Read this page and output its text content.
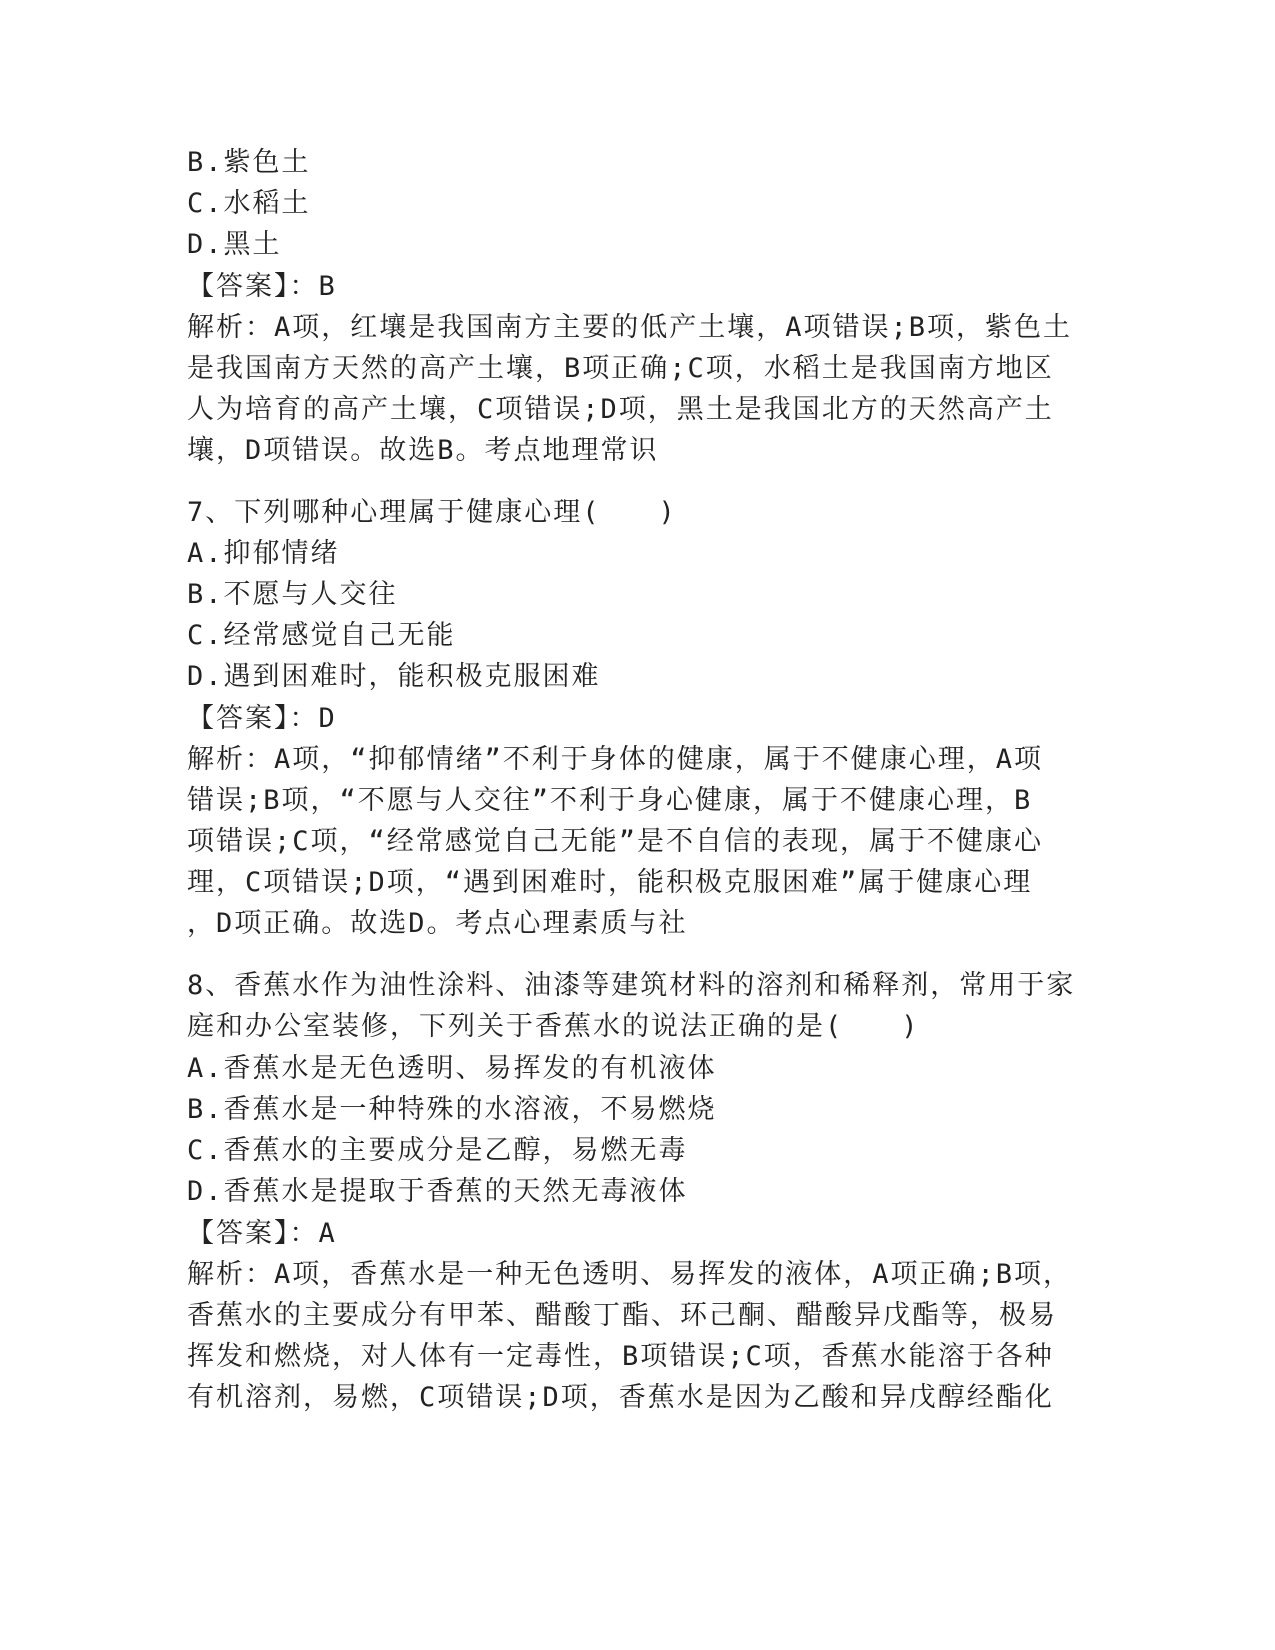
B.紫色土
C.水稻土
D.黑土
【答案】：B
解析：A项，红壤是我国南方主要的低产土壤，A项错误;B项，紫色土
是我国南方天然的高产土壤，B项正确;C项，水稻土是我国南方地区
人为培育的高产土壤，C项错误;D项，黑土是我国北方的天然高产土
壤，D项错误。故选B。考点地理常识
7、下列哪种心理属于健康心理(　　)
A.抑郁情绪
B.不愿与人交往
C.经常感觉自己无能
D.遇到困难时，能积极克服困难
【答案】：D
解析：A项，“抑郁情绪”不利于身体的健康，属于不健康心理，A项
错误;B项，“不愿与人交往”不利于身心健康，属于不健康心理，B
项错误;C项，“经常感觉自己无能”是不自信的表现，属于不健康心
理，C项错误;D项，“遇到困难时，能积极克服困难”属于健康心理
，D项正确。故选D。考点心理素质与社
8、香蕉水作为油性涂料、油漆等建筑材料的溶剂和稀释剂，常用于家
庭和办公室装修，下列关于香蕉水的说法正确的是(　　)
A.香蕉水是无色透明、易挥发的有机液体
B.香蕉水是一种特殊的水溶液，不易燃烧
C.香蕉水的主要成分是乙醇，易燃无毒
D.香蕉水是提取于香蕉的天然无毒液体
【答案】：A
解析：A项，香蕉水是一种无色透明、易挥发的液体，A项正确;B项，
香蕉水的主要成分有甲苯、醋酸丁酯、环己酮、醋酸异戊酯等，极易
挥发和燃烧，对人体有一定毒性，B项错误;C项，香蕉水能溶于各种
有机溶剂，易燃，C项错误;D项，香蕉水是因为乙酸和异戊醇经酯化
